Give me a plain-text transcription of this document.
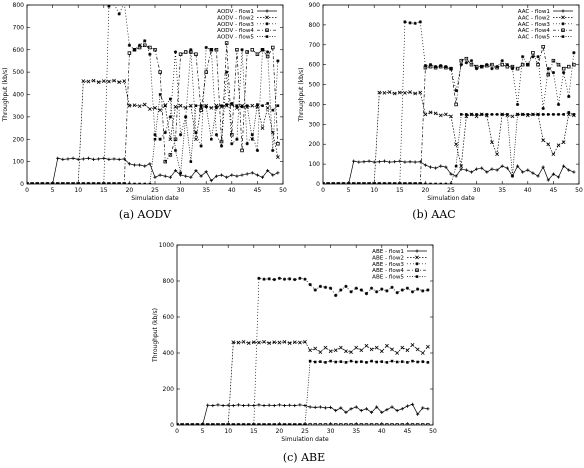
0	5	10	15	20	25	30	35	40	45	50
0
100
200
300
400
500
600
700
800
Simulation date
Throughput (kb/s)
AODV - flow1
AODV - flow2
AODV - flow3
AODV - flow4
AODV - flow5
0	5	10	15	20	25	30	35	40	45	50
0
100
200
300
400
500
600
700
800
900
Simulation date
Throughput (kb/s)
AAC - flow1
AAC - flow2
AAC - flow3
AAC - flow4
AAC - flow5
0	5	10	15	20	25	30	35	40	45	50
0
200
400
600
800
1000
Simulation date
Throughput (kb/s)
ABE - flow1
ABE - flow2
ABE - flow3
ABE - flow4
ABE - flow5
(a) AODV	(b) AAC
(c) ABE
